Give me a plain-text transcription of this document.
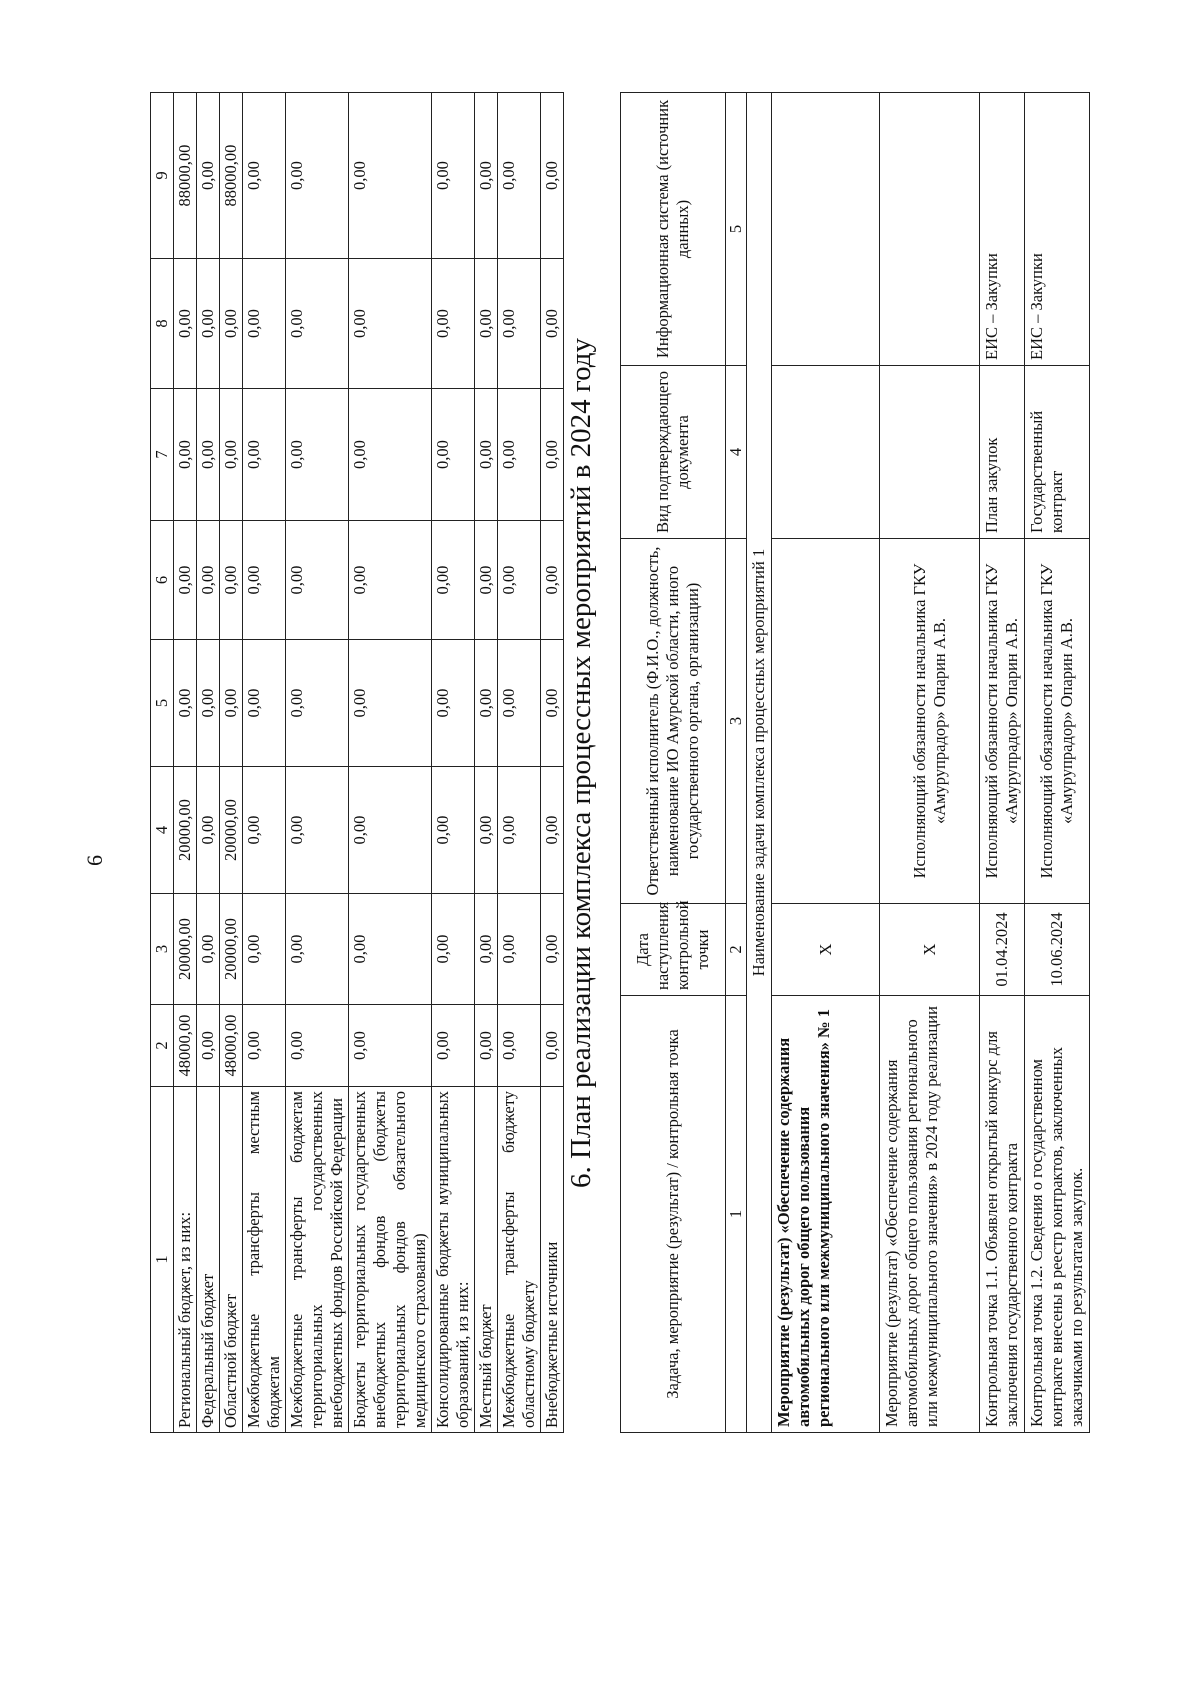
6
1	2	3	4	5	6	7	8	9
Региональный бюджет, из них:	48000,00	20000,00	20000,00	0,00	0,00	0,00	0,00	88000,00
Федеральный бюджет	0,00	0,00	0,00	0,00	0,00	0,00	0,00	0,00
Областной бюджет	48000,00	20000,00	20000,00	0,00	0,00	0,00	0,00	88000,00
Межбюджетные трансферты местным бюджетам	0,00	0,00	0,00	0,00	0,00	0,00	0,00	0,00
Межбюджетные трансферты бюджетам территориальных государственных внебюджетных фондов Российской Федерации	0,00	0,00	0,00	0,00	0,00	0,00	0,00	0,00
Бюджеты территориальных государственных внебюджетных фондов (бюджеты территориальных фондов обязательного медицинского страхования)	0,00	0,00	0,00	0,00	0,00	0,00	0,00	0,00
Консолидированные бюджеты муниципальных образований, из них:	0,00	0,00	0,00	0,00	0,00	0,00	0,00	0,00
Местный бюджет	0,00	0,00	0,00	0,00	0,00	0,00	0,00	0,00
Межбюджетные трансферты бюджету областному бюджету	0,00	0,00	0,00	0,00	0,00	0,00	0,00	0,00
Внебюджетные источники	0,00	0,00	0,00	0,00	0,00	0,00	0,00	0,00
6. План реализации комплекса процессных мероприятий в 2024 году
Задача, мероприятие (результат) / контрольная точка	Дата наступления контрольной точки	Ответственный исполнитель (Ф.И.О., должность, наименование ИО Амурской области, иного государственного органа, организации)	Вид подтверждающего документа	Информационная система (источник данных)
1	2	3	4	5
Наименование задачи комплекса процессных мероприятий 1				
Мероприятие (результат) «Обеспечение содержания автомобильных дорог общего пользования регионального или межмуниципального значения» № 1	X			
Мероприятие (результат) «Обеспечение содержания автомобильных дорог общего пользования регионального или межмуниципального значения» в 2024 году реализации	X	Исполняющий обязанности начальника ГКУ «Амурупрадор» Опарин А.В.		
Контрольная точка 1.1. Объявлен открытый конкурс для заключения государственного контракта	01.04.2024	Исполняющий обязанности начальника ГКУ «Амурупрадор» Опарин А.В.	План закупок	ЕИС – Закупки
Контрольная точка 1.2. Сведения о государственном контракте внесены в реестр контрактов, заключенных заказчиками по результатам закупок.	10.06.2024	Исполняющий обязанности начальника ГКУ «Амурупрадор» Опарин А.В.	Государственный контракт	ЕИС – Закупки
